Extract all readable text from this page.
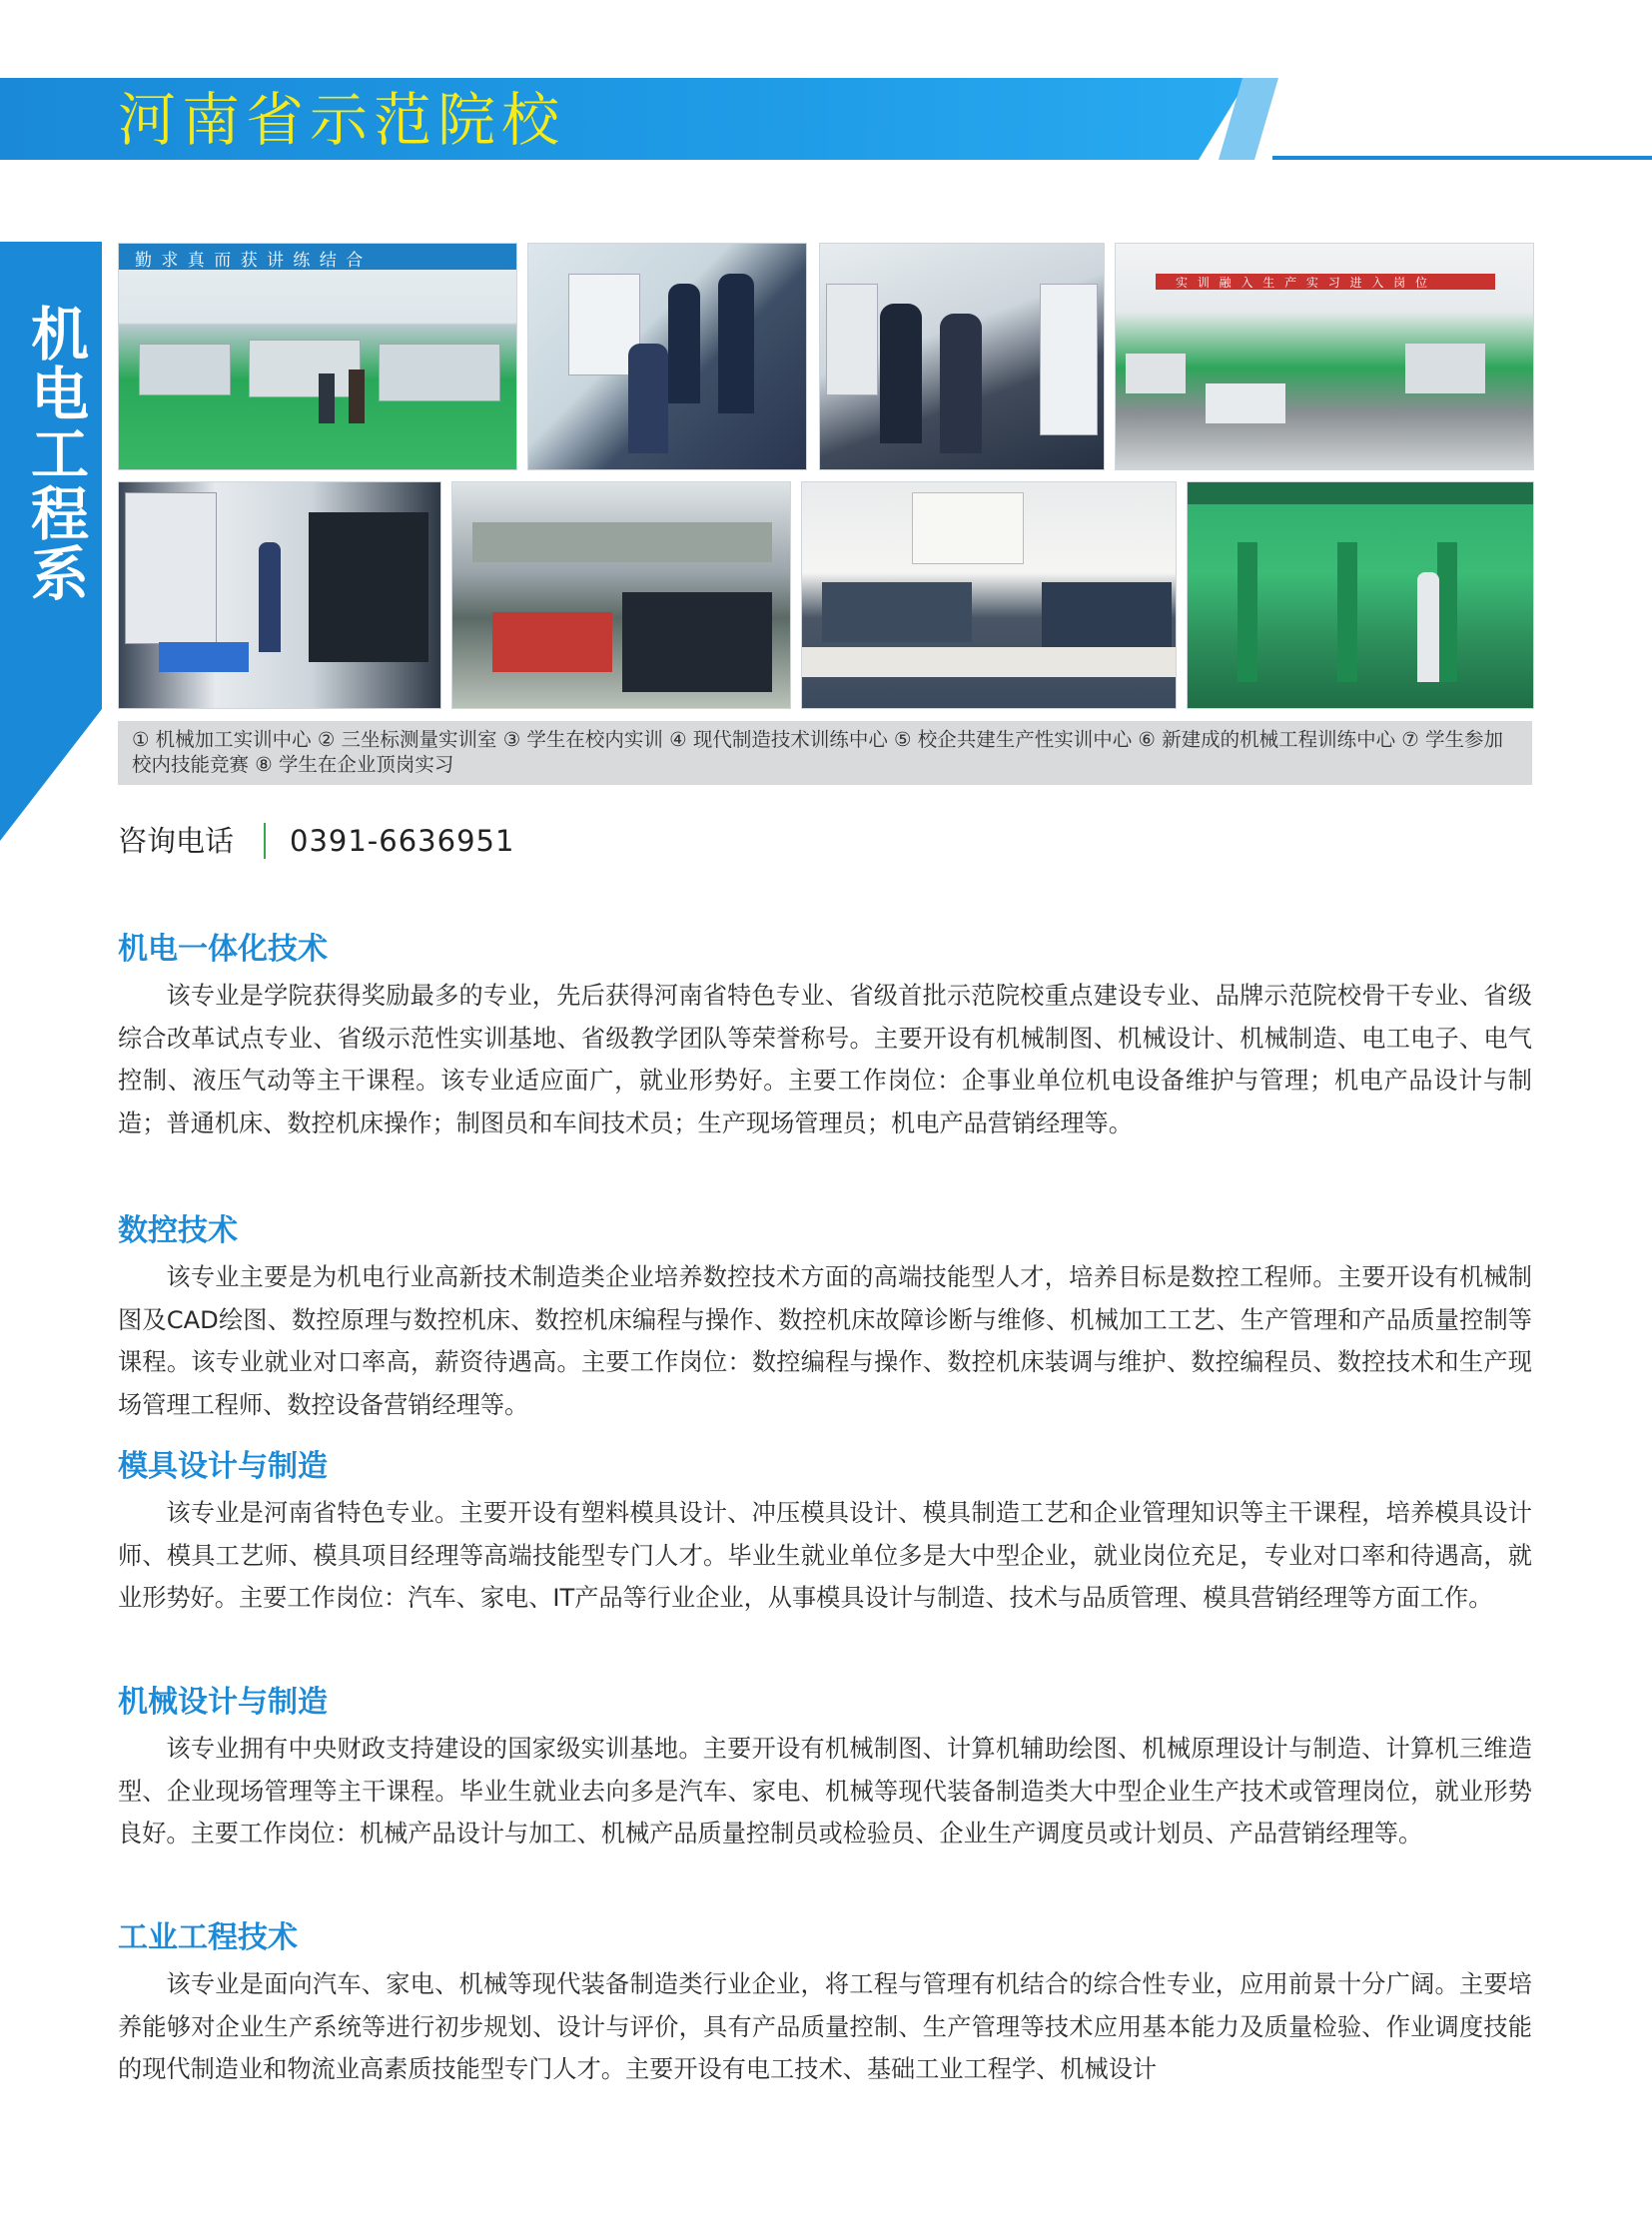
河南省示范院校
机电工程系
勤 求 真 而 获 讲 练 结 合
实 训 融 入 生 产 实 习 进 入 岗 位
① 机械加工实训中心 ② 三坐标测量实训室 ③ 学生在校内实训 ④ 现代制造技术训练中心 ⑤ 校企共建生产性实训中心 ⑥ 新建成的机械工程训练中心 ⑦ 学生参加校内技能竞赛 ⑧ 学生在企业顶岗实习
咨询电话 0391-6636951
机电一体化技术

该专业是学院获得奖励最多的专业，先后获得河南省特色专业、省级首批示范院校重点建设专业、品牌示范院校骨干专业、省级综合改革试点专业、省级示范性实训基地、省级教学团队等荣誉称号。主要开设有机械制图、机械设计、机械制造、电工电子、电气控制、液压气动等主干课程。该专业适应面广，就业形势好。主要工作岗位：企事业单位机电设备维护与管理；机电产品设计与制造；普通机床、数控机床操作；制图员和车间技术员；生产现场管理员；机电产品营销经理等。

数控技术

该专业主要是为机电行业高新技术制造类企业培养数控技术方面的高端技能型人才，培养目标是数控工程师。主要开设有机械制图及CAD绘图、数控原理与数控机床、数控机床编程与操作、数控机床故障诊断与维修、机械加工工艺、生产管理和产品质量控制等课程。该专业就业对口率高，薪资待遇高。主要工作岗位：数控编程与操作、数控机床装调与维护、数控编程员、数控技术和生产现场管理工程师、数控设备营销经理等。

模具设计与制造

该专业是河南省特色专业。主要开设有塑料模具设计、冲压模具设计、模具制造工艺和企业管理知识等主干课程，培养模具设计师、模具工艺师、模具项目经理等高端技能型专门人才。毕业生就业单位多是大中型企业，就业岗位充足，专业对口率和待遇高，就业形势好。主要工作岗位：汽车、家电、IT产品等行业企业，从事模具设计与制造、技术与品质管理、模具营销经理等方面工作。

机械设计与制造

该专业拥有中央财政支持建设的国家级实训基地。主要开设有机械制图、计算机辅助绘图、机械原理设计与制造、计算机三维造型、企业现场管理等主干课程。毕业生就业去向多是汽车、家电、机械等现代装备制造类大中型企业生产技术或管理岗位，就业形势良好。主要工作岗位：机械产品设计与加工、机械产品质量控制员或检验员、企业生产调度员或计划员、产品营销经理等。

工业工程技术

该专业是面向汽车、家电、机械等现代装备制造类行业企业，将工程与管理有机结合的综合性专业，应用前景十分广阔。主要培养能够对企业生产系统等进行初步规划、设计与评价，具有产品质量控制、生产管理等技术应用基本能力及质量检验、作业调度技能的现代制造业和物流业高素质技能型专门人才。主要开设有电工技术、基础工业工程学、机械设计
